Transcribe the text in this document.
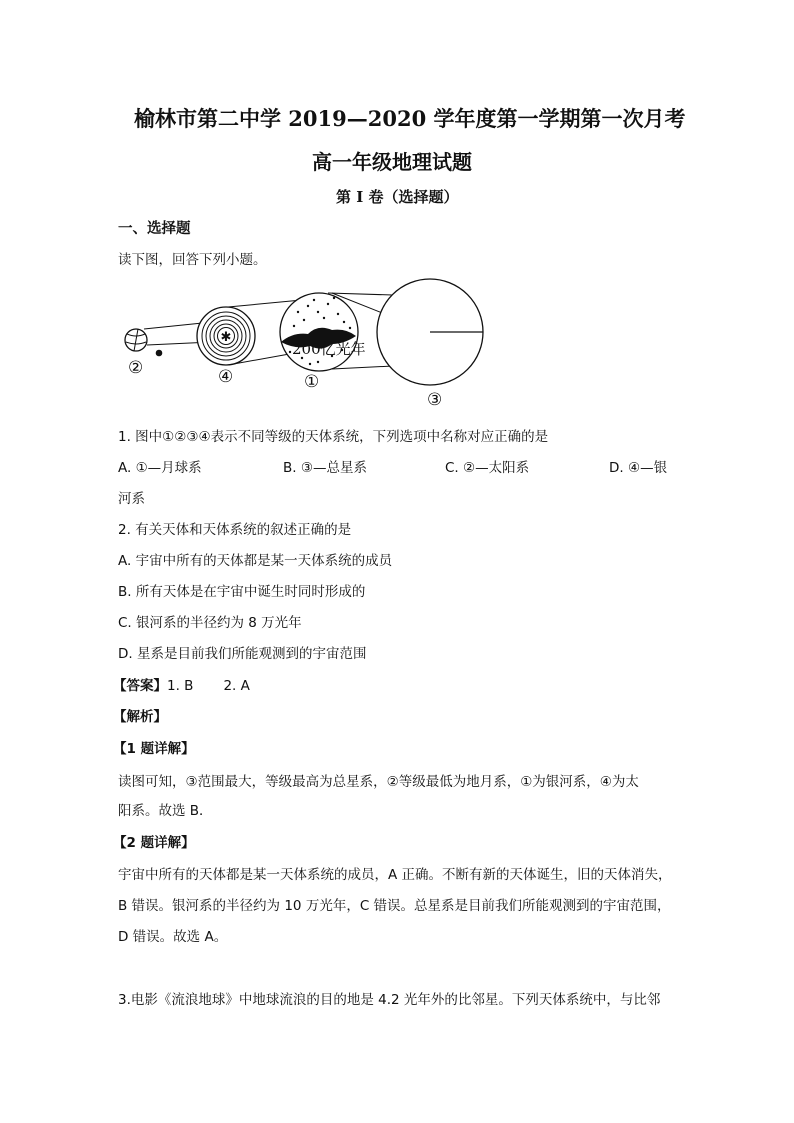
榆林市第二中学 2019—2020 学年度第一学期第一次月考
高一年级地理试题
第 I 卷（选择题）
一、选择题
读下图，回答下列小题。
✱
200亿光年
②	④	①
③
1. 图中①②③④表示不同等级的天体系统，下列选项中名称对应正确的是
A. ①—月球系	B. ③—总星系	C. ②—太阳系	D. ④—银
河系
2. 有关天体和天体系统的叙述正确的是
A. 宇宙中所有的天体都是某一天体系统的成员
B. 所有天体是在宇宙中诞生时同时形成的
C. 银河系的半径约为 8 万光年
D. 星系是目前我们所能观测到的宇宙范围
【答案】1. B       2. A
【解析】
【1 题详解】
读图可知，③范围最大，等级最高为总星系，②等级最低为地月系，①为银河系，④为太
阳系。故选 B．
【2 题详解】
宇宙中所有的天体都是某一天体系统的成员，A 正确。不断有新的天体诞生，旧的天体消失，
B 错误。银河系的半径约为 10 万光年，C 错误。总星系是目前我们所能观测到的宇宙范围，
D 错误。故选 A。
3.电影《流浪地球》中地球流浪的目的地是 4.2 光年外的比邻星。下列天体系统中，与比邻
